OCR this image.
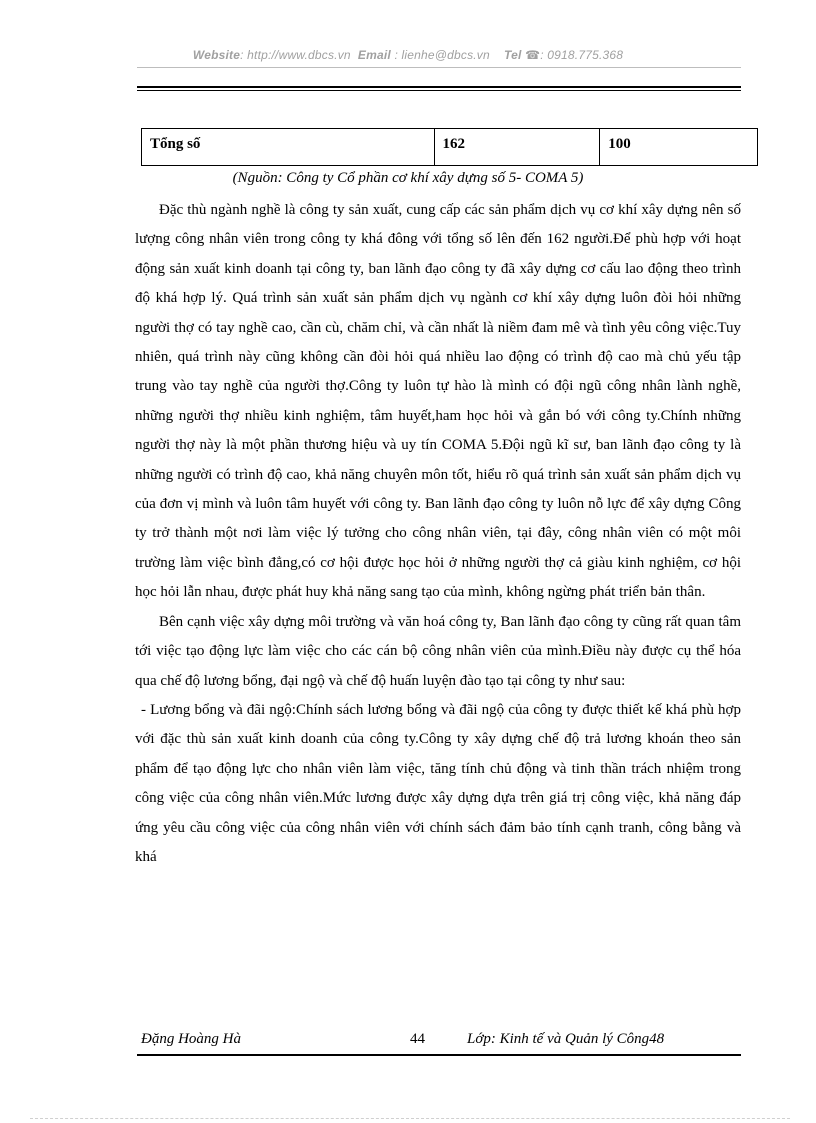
Website: http://www.dbcs.vn Email : lienhe@dbcs.vn Tel ☎: 0918.775.368
Tổng số	162	100
(Nguồn: Công ty Cổ phần cơ khí xây dựng số 5- COMA 5)

Đặc thù ngành nghề là công ty sản xuất, cung cấp các sản phẩm dịch vụ cơ khí xây dựng nên số lượng công nhân viên trong công ty khá đông với tổng số lên đến 162 người.Để phù hợp với hoạt động sản xuất kinh doanh tại công ty, ban lãnh đạo công ty đã xây dựng cơ cấu lao động theo trình độ khá hợp lý. Quá trình sản xuất sản phẩm dịch vụ ngành cơ khí xây dựng luôn đòi hỏi những người thợ có tay nghề cao, cần cù, chăm chỉ, và cần nhất là niềm đam mê và tình yêu công việc.Tuy nhiên, quá trình này cũng không cần đòi hỏi quá nhiều lao động có trình độ cao mà chủ yếu tập trung vào tay nghề của người thợ.Công ty luôn tự hào là mình có đội ngũ công nhân lành nghề, những người thợ nhiều kinh nghiệm, tâm huyết,ham học hỏi và gắn bó với công ty.Chính những người thợ này là một phần thương hiệu và uy tín COMA 5.Đội ngũ kĩ sư, ban lãnh đạo công ty là những người có trình độ cao, khả năng chuyên môn tốt, hiểu rõ quá trình sản xuất sản phẩm dịch vụ của đơn vị mình và luôn tâm huyết với công ty. Ban lãnh đạo công ty luôn nỗ lực để xây dựng Công ty trở thành một nơi làm việc lý tưởng cho công nhân viên, tại đây, công nhân viên có một môi trường làm việc bình đẳng,có cơ hội được học hỏi ở những người thợ cả giàu kinh nghiệm, cơ hội học hỏi lẫn nhau, được phát huy khả năng sang tạo của mình, không ngừng phát triển bản thân.

Bên cạnh việc xây dựng môi trường và văn hoá công ty, Ban lãnh đạo công ty cũng rất quan tâm tới việc tạo động lực làm việc cho các cán bộ công nhân viên của mình.Điều này được cụ thể hóa qua chế độ lương bổng, đại ngộ và chế độ huấn luyện đào tạo tại công ty như sau:

- Lương bổng và đãi ngộ:Chính sách lương bổng và đãi ngộ của công ty được thiết kế khá phù hợp với đặc thù sản xuất kinh doanh của công ty.Công ty xây dựng chế độ trả lương khoán theo sản phẩm để tạo động lực cho nhân viên làm việc, tăng tính chủ động và tinh thần trách nhiệm trong công việc của công nhân viên.Mức lương được xây dựng dựa trên giá trị công việc, khả năng đáp ứng yêu cầu công việc của công nhân viên với chính sách đảm bảo tính cạnh tranh, công bằng và khá

Đặng Hoàng Hà	44	Lớp: Kinh tế và Quản lý Công48
